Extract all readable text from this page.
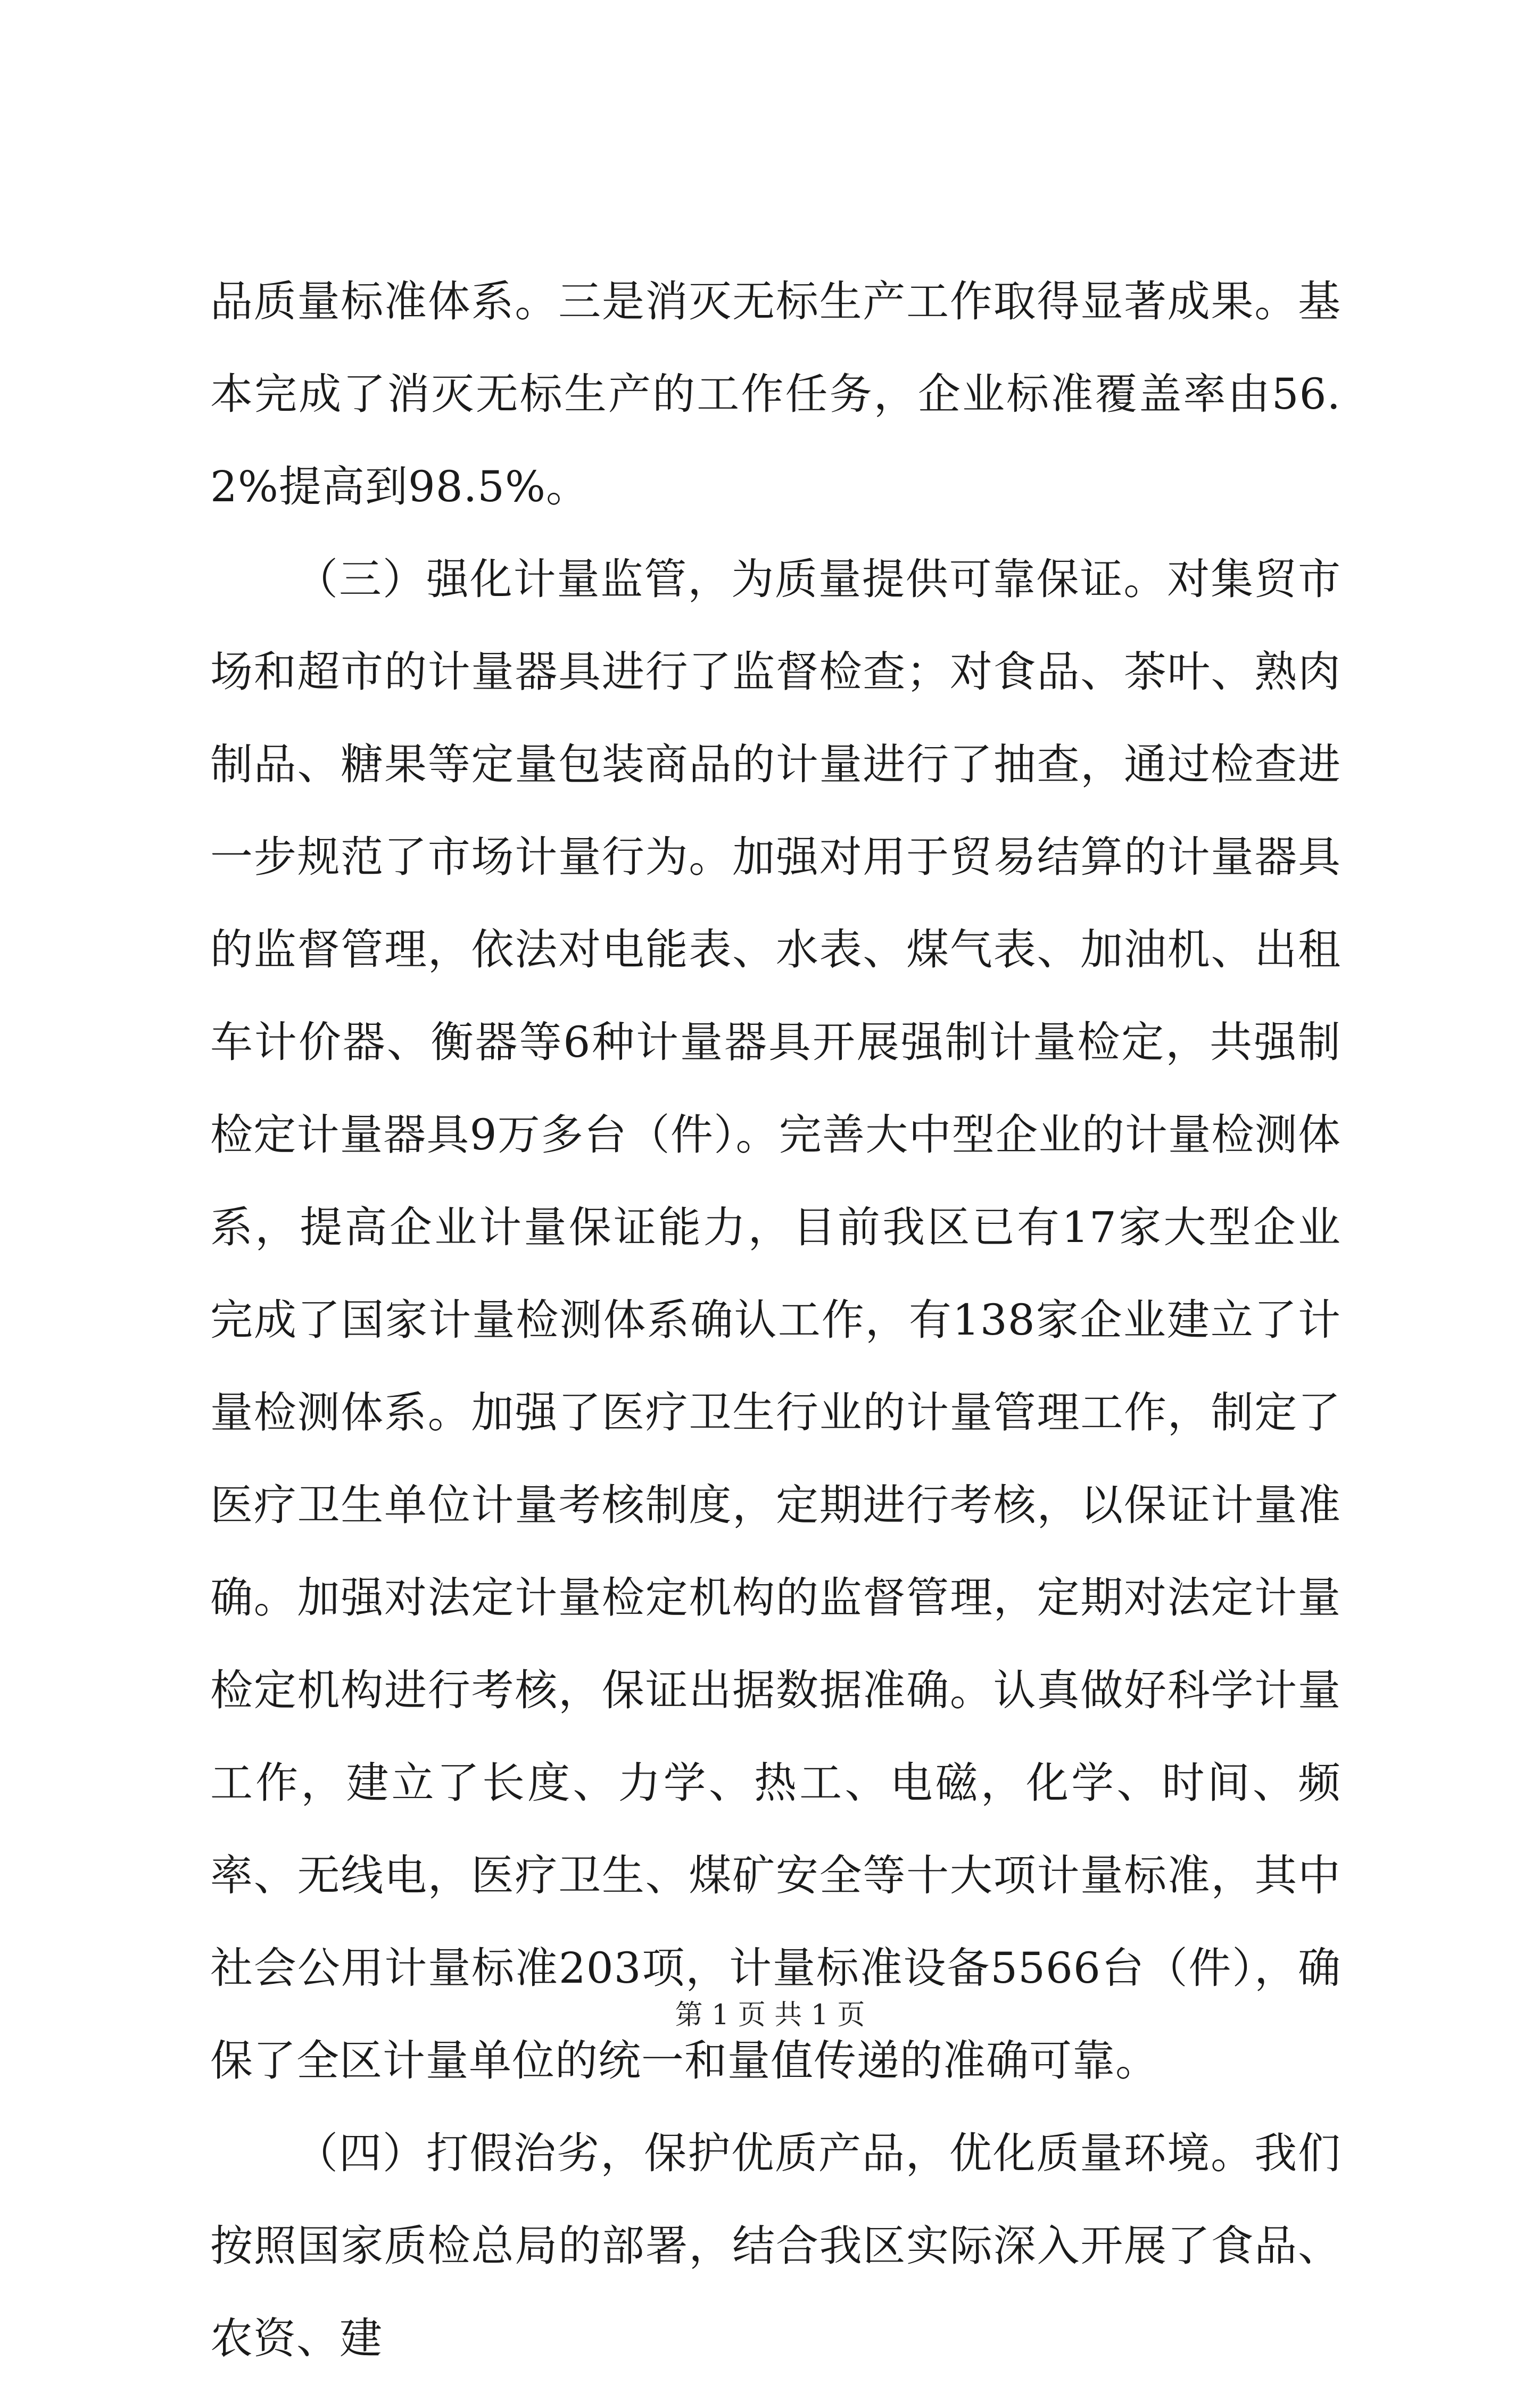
品质量标准体系。三是消灭无标生产工作取得显著成果。基本完成了消灭无标生产的工作任务，企业标准覆盖率由56.2%提高到98.5%。

（三）强化计量监管，为质量提供可靠保证。对集贸市场和超市的计量器具进行了监督检查；对食品、茶叶、熟肉制品、糖果等定量包装商品的计量进行了抽查，通过检查进一步规范了市场计量行为。加强对用于贸易结算的计量器具的监督管理，依法对电能表、水表、煤气表、加油机、出租车计价器、衡器等6种计量器具开展强制计量检定，共强制检定计量器具9万多台（件）。完善大中型企业的计量检测体系，提高企业计量保证能力，目前我区已有17家大型企业完成了国家计量检测体系确认工作，有138家企业建立了计量检测体系。加强了医疗卫生行业的计量管理工作，制定了医疗卫生单位计量考核制度，定期进行考核，以保证计量准确。加强对法定计量检定机构的监督管理，定期对法定计量检定机构进行考核，保证出据数据准确。认真做好科学计量工作，建立了长度、力学、热工、电磁，化学、时间、频率、无线电，医疗卫生、煤矿安全等十大项计量标准，其中社会公用计量标准203项，计量标准设备5566台（件），确保了全区计量单位的统一和量值传递的准确可靠。

（四）打假治劣，保护优质产品，优化质量环境。我们按照国家质检总局的部署，结合我区实际深入开展了食品、农资、建

第 1 页 共 1 页
